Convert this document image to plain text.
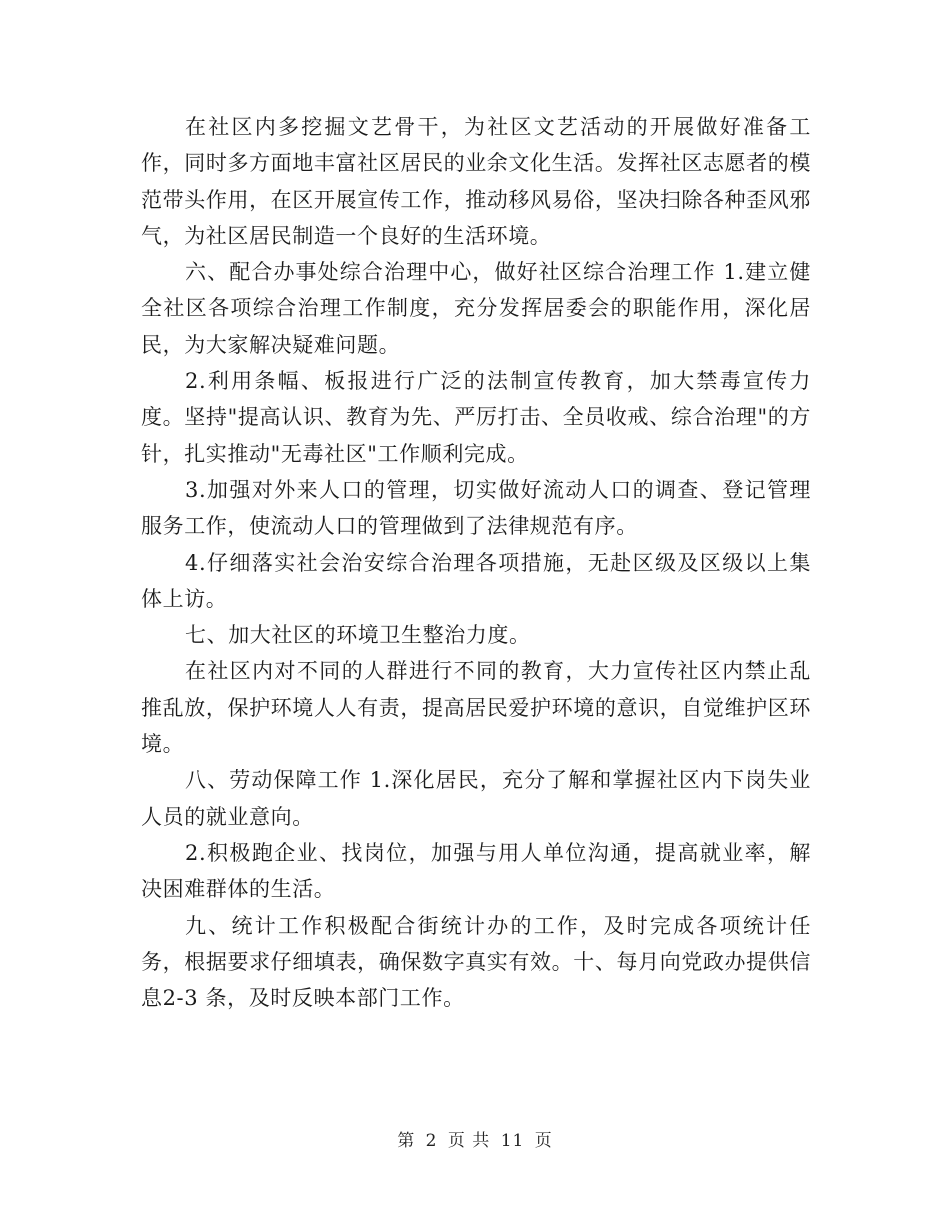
在社区内多挖掘文艺骨干，为社区文艺活动的开展做好准备工作，同时多方面地丰富社区居民的业余文化生活。发挥社区志愿者的模范带头作用，在区开展宣传工作，推动移风易俗，坚决扫除各种歪风邪气，为社区居民制造一个良好的生活环境。

六、配合办事处综合治理中心，做好社区综合治理工作 1.建立健全社区各项综合治理工作制度，充分发挥居委会的职能作用，深化居民，为大家解决疑难问题。

2.利用条幅、板报进行广泛的法制宣传教育，加大禁毒宣传力度。坚持"提高认识、教育为先、严厉打击、全员收戒、综合治理"的方针，扎实推动"无毒社区"工作顺利完成。

3.加强对外来人口的管理，切实做好流动人口的调查、登记管理服务工作，使流动人口的管理做到了法律规范有序。

4.仔细落实社会治安综合治理各项措施，无赴区级及区级以上集体上访。

七、加大社区的环境卫生整治力度。

在社区内对不同的人群进行不同的教育，大力宣传社区内禁止乱推乱放，保护环境人人有责，提高居民爱护环境的意识，自觉维护区环境。

八、劳动保障工作 1.深化居民，充分了解和掌握社区内下岗失业人员的就业意向。

2.积极跑企业、找岗位，加强与用人单位沟通，提高就业率，解决困难群体的生活。

九、统计工作积极配合街统计办的工作，及时完成各项统计任务，根据要求仔细填表，确保数字真实有效。十、每月向党政办提供信息2-3 条，及时反映本部门工作。

第 2 页 共 11 页
